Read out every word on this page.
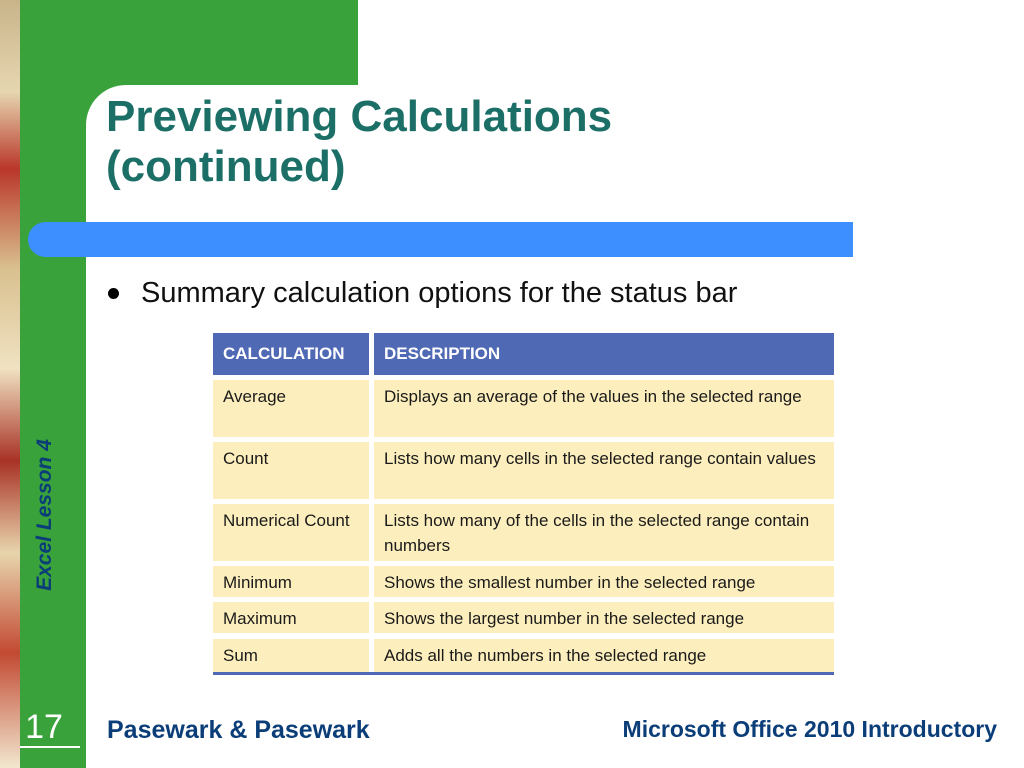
Excel Lesson 4
Previewing Calculations
(continued)
Summary calculation options for the status bar
CALCULATION	DESCRIPTION
Average	Displays an average of the values in the selected range
Count	Lists how many cells in the selected range contain values
Numerical Count	Lists how many of the cells in the selected range contain numbers
Minimum	Shows the smallest number in the selected range
Maximum	Shows the largest number in the selected range
Sum	Adds all the numbers in the selected range
17 Pasewark & Pasewark	Microsoft Office 2010 Introductory
